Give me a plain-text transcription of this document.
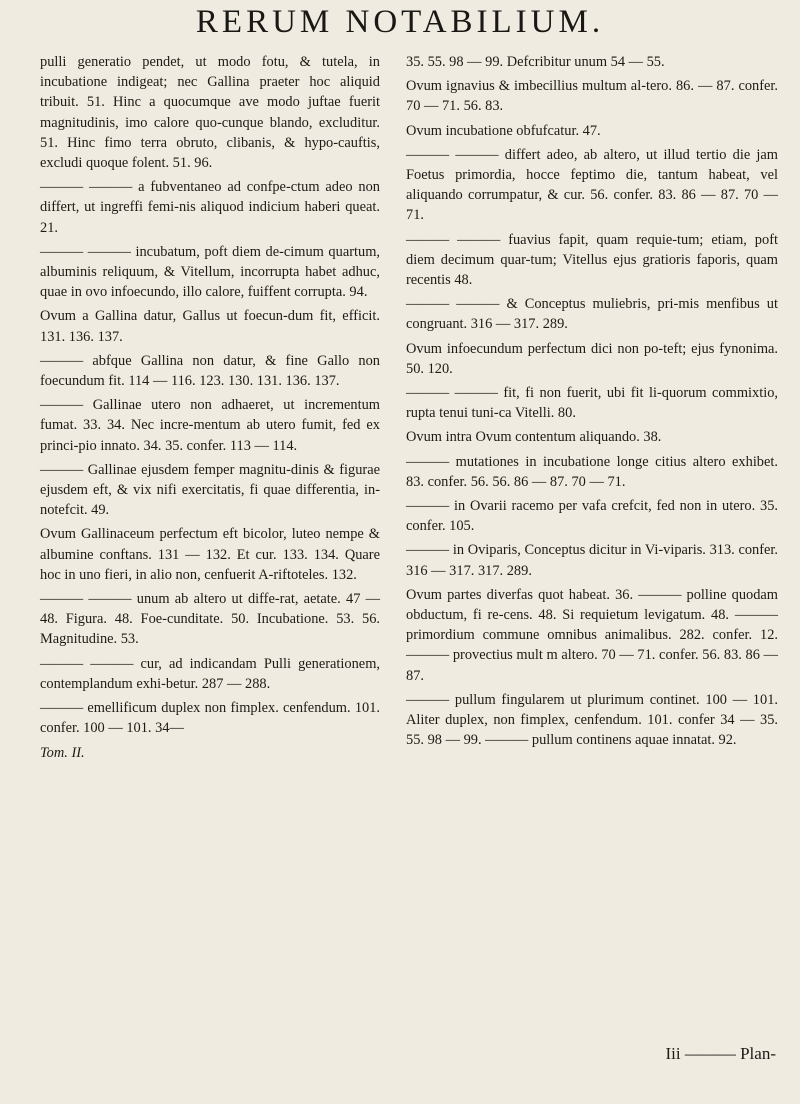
RERUM NOTABILIUM.

pulli generatio pendet, ut modo fotu, & tutela, in incubatione indigeat; nec Gallina praeter hoc aliquid tribuit. 51. Hinc a quocumque ave modo juftae fuerit magnitudinis, imo calore quo-cunque blando, excluditur. 51. Hinc fimo terra obruto, clibanis, & hypo-cauftis, excludi quoque folent. 51. 96.

——— ——— a fubventaneo ad confpe-ctum adeo non differt, ut ingreffi femi-nis aliquod indicium haberi queat. 21.

——— ——— incubatum, poft diem de-cimum quartum, albuminis reliquum, & Vitellum, incorrupta habet adhuc, quae in ovo infoecundo, illo calore, fuiffent corrupta. 94.

Ovum a Gallina datur, Gallus ut foecun-dum fit, efficit. 131. 136. 137.

——— abfque Gallina non datur, & fine Gallo non foecundum fit. 114 — 116. 123. 130. 131. 136. 137.

——— Gallinae utero non adhaeret, ut incrementum fumat. 33. 34. Nec incre-mentum ab utero fumit, fed ex princi-pio innato. 34. 35. confer. 113 — 114.

——— Gallinae ejusdem femper magnitu-dinis & figurae ejusdem eft, & vix nifi exercitatis, fi quae differentia, in-notefcit. 49.

Ovum Gallinaceum perfectum eft bicolor, luteo nempe & albumine conftans. 131 — 132. Et cur. 133. 134. Quare hoc in uno fieri, in alio non, cenfuerit A-riftoteles. 132.

——— ——— unum ab altero ut diffe-rat, aetate. 47 — 48. Figura. 48. Foe-cunditate. 50. Incubatione. 53. 56. Magnitudine. 53.

——— ——— cur, ad indicandam Pulli generationem, contemplandum exhi-betur. 287 — 288.

——— emellificum duplex non fimplex. cenfendum. 101. confer. 100 — 101. 34—

Tom. II.

35. 55. 98 — 99. Defcribitur unum 54 — 55.

Ovum ignavius & imbecillius multum al-tero. 86. — 87. confer. 70 — 71. 56. 83.

Ovum incubatione obfufcatur. 47.

——— ——— differt adeo, ab altero, ut illud tertio die jam Foetus primordia, hocce feptimo die, tantum habeat, vel aliquando corrumpatur, & cur. 56. confer. 83. 86 — 87. 70 — 71.

——— ——— fuavius fapit, quam requie-tum; etiam, poft diem decimum quar-tum; Vitellus ejus gratioris faporis, quam recentis 48.

——— ——— & Conceptus muliebris, pri-mis menfibus ut congruant. 316 — 317. 289.

Ovum infoecundum perfectum dici non po-teft; ejus fynonima. 50. 120.

——— ——— fit, fi non fuerit, ubi fit li-quorum commixtio, rupta tenui tuni-ca Vitelli. 80.

Ovum intra Ovum contentum aliquando. 38.

——— mutationes in incubatione longe citius altero exhibet. 83. confer. 56. 56. 86 — 87. 70 — 71.

——— in Ovarii racemo per vafa crefcit, fed non in utero. 35. confer. 105.

——— in Oviparis, Conceptus dicitur in Vi-viparis. 313. confer. 316 — 317. 317. 289.

Ovum partes diverfas quot habeat. 36. ——— polline quodam obductum, fi re-cens. 48. Si requietum levigatum. 48. ——— primordium commune omnibus animalibus. 282. confer. 12. ——— provectius mult m altero. 70 — 71. confer. 56. 83. 86 — 87.

——— pullum fingularem ut plurimum continet. 100 — 101. Aliter duplex, non fimplex, cenfendum. 101. confer 34 — 35. 55. 98 — 99. ——— pullum continens aquae innatat. 92.

Iii ——— Plan-
